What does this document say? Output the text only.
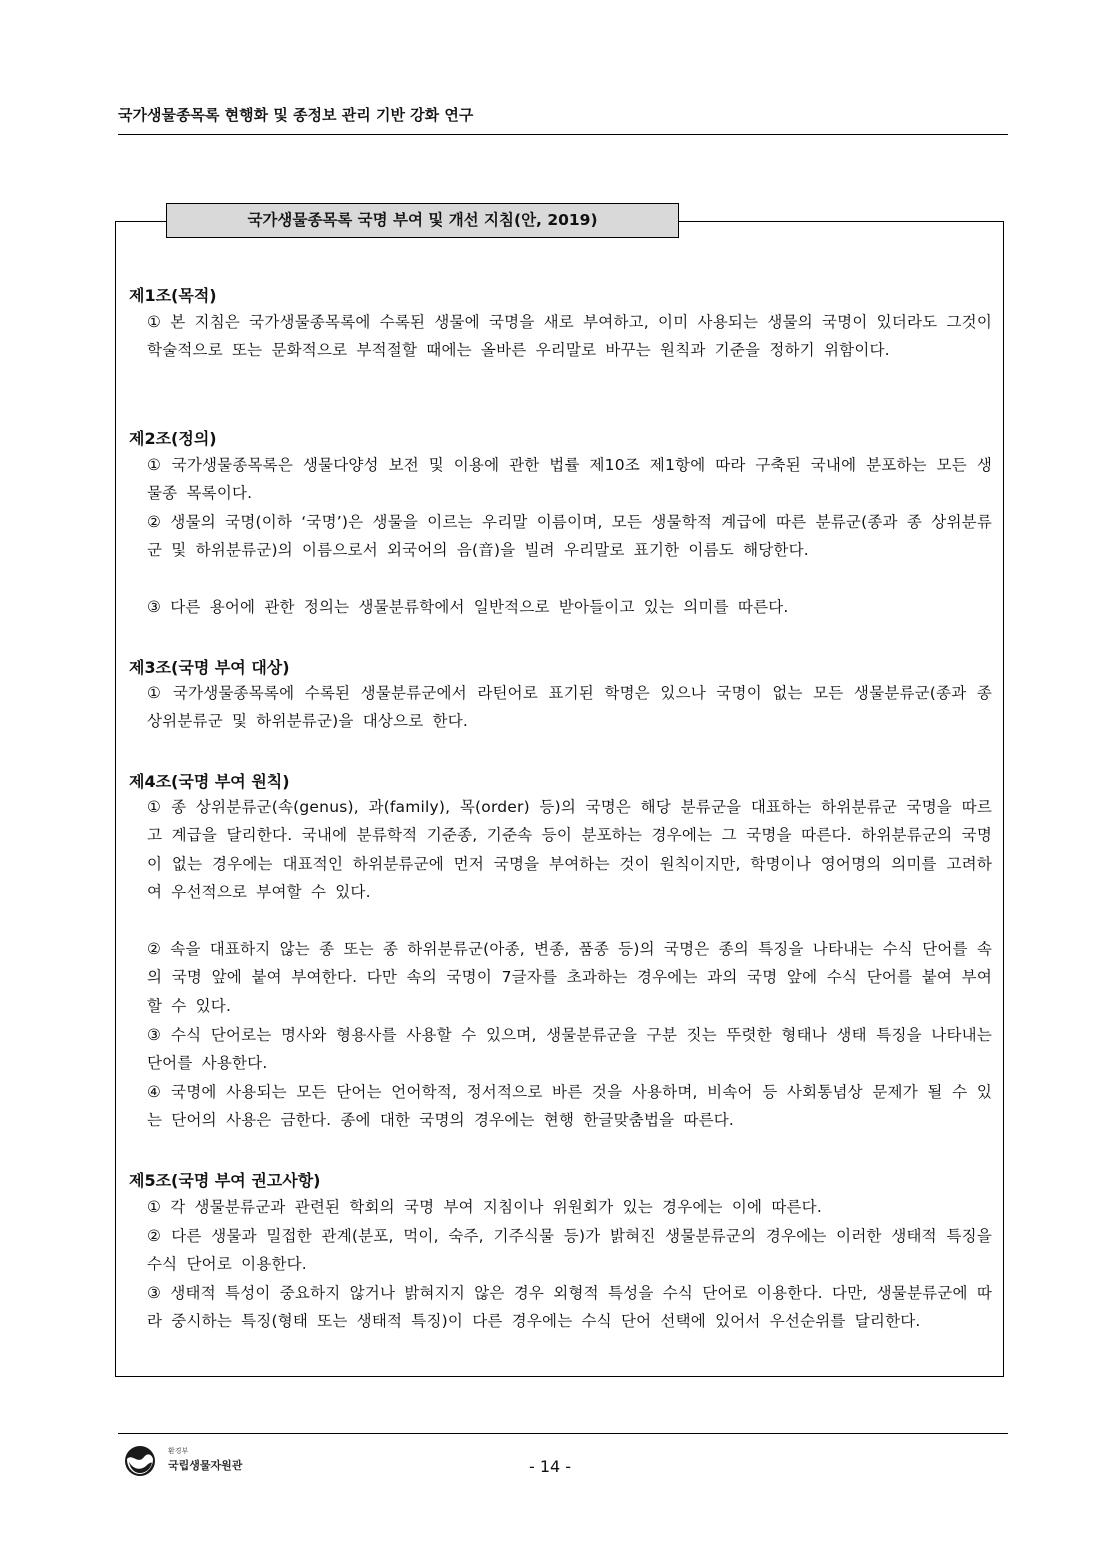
국가생물종목록 현행화 및 종정보 관리 기반 강화 연구
국가생물종목록 국명 부여 및 개선 지침(안, 2019)
제1조(목적)
① 본 지침은 국가생물종목록에 수록된 생물에 국명을 새로 부여하고, 이미 사용되는 생물의 국명이 있더라도 그것이 학술적으로 또는 문화적으로 부적절할 때에는 올바른 우리말로 바꾸는 원칙과 기준을 정하기 위함이다.
제2조(정의)
① 국가생물종목록은 생물다양성 보전 및 이용에 관한 법률 제10조 제1항에 따라 구축된 국내에 분포하는 모든 생물종 목록이다.
② 생물의 국명(이하 ‘국명’)은 생물을 이르는 우리말 이름이며, 모든 생물학적 계급에 따른 분류군(종과 종 상위분류군 및 하위분류군)의 이름으로서 외국어의 음(音)을 빌려 우리말로 표기한 이름도 해당한다.
③ 다른 용어에 관한 정의는 생물분류학에서 일반적으로 받아들이고 있는 의미를 따른다.
제3조(국명 부여 대상)
① 국가생물종목록에 수록된 생물분류군에서 라틴어로 표기된 학명은 있으나 국명이 없는 모든 생물분류군(종과 종 상위분류군 및 하위분류군)을 대상으로 한다.
제4조(국명 부여 원칙)
① 종 상위분류군(속(genus), 과(family), 목(order) 등)의 국명은 해당 분류군을 대표하는 하위분류군 국명을 따르고 계급을 달리한다. 국내에 분류학적 기준종, 기준속 등이 분포하는 경우에는 그 국명을 따른다. 하위분류군의 국명이 없는 경우에는 대표적인 하위분류군에 먼저 국명을 부여하는 것이 원칙이지만, 학명이나 영어명의 의미를 고려하여 우선적으로 부여할 수 있다.
② 속을 대표하지 않는 종 또는 종 하위분류군(아종, 변종, 품종 등)의 국명은 종의 특징을 나타내는 수식 단어를 속의 국명 앞에 붙여 부여한다. 다만 속의 국명이 7글자를 초과하는 경우에는 과의 국명 앞에 수식 단어를 붙여 부여할 수 있다.
③ 수식 단어로는 명사와 형용사를 사용할 수 있으며, 생물분류군을 구분 짓는 뚜렷한 형태나 생태 특징을 나타내는 단어를 사용한다.
④ 국명에 사용되는 모든 단어는 언어학적, 정서적으로 바른 것을 사용하며, 비속어 등 사회통념상 문제가 될 수 있는 단어의 사용은 금한다. 종에 대한 국명의 경우에는 현행 한글맞춤법을 따른다.
제5조(국명 부여 권고사항)
① 각 생물분류군과 관련된 학회의 국명 부여 지침이나 위원회가 있는 경우에는 이에 따른다.
② 다른 생물과 밀접한 관계(분포, 먹이, 숙주, 기주식물 등)가 밝혀진 생물분류군의 경우에는 이러한 생태적 특징을 수식 단어로 이용한다.
③ 생태적 특성이 중요하지 않거나 밝혀지지 않은 경우 외형적 특성을 수식 단어로 이용한다. 다만, 생물분류군에 따라 중시하는 특징(형태 또는 생태적 특징)이 다른 경우에는 수식 단어 선택에 있어서 우선순위를 달리한다.
환경부
국립생물자원관	- 14 -
